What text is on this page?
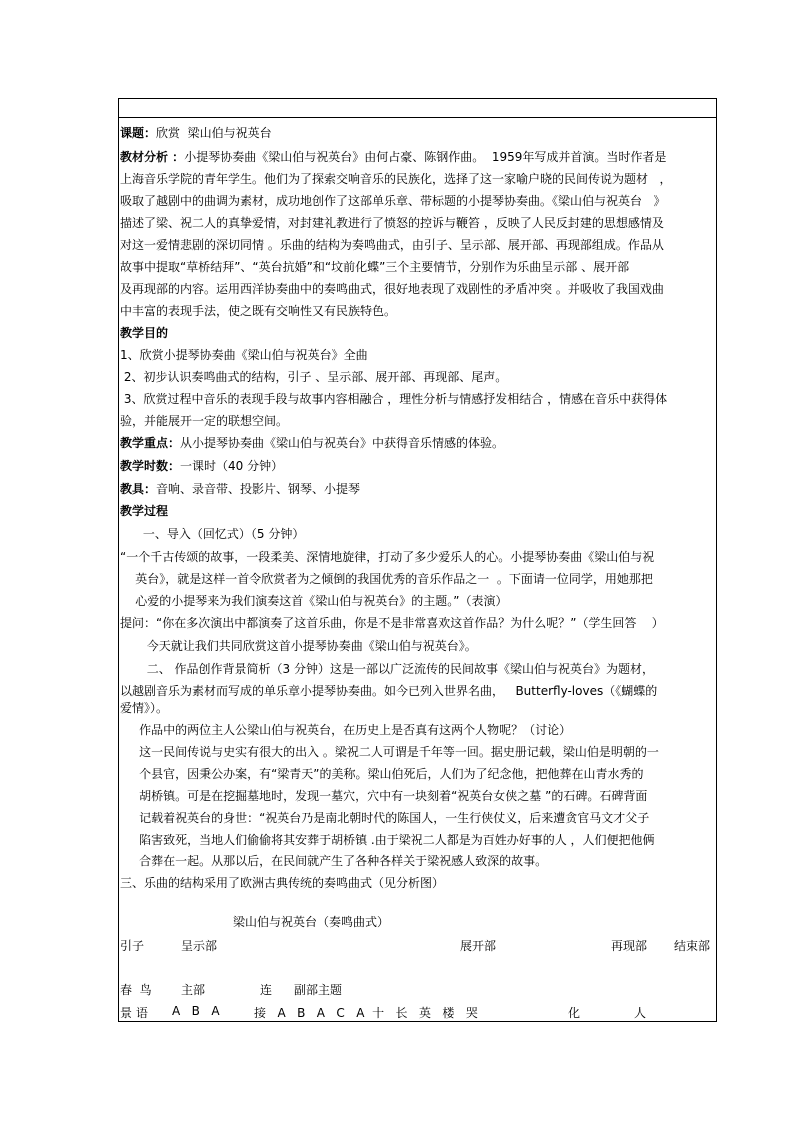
课题：欣赏  梁山伯与祝英台
教材分析 ：小提琴协奏曲《梁山伯与祝英台》由何占豪、陈钢作曲。  1959年写成并首演。当时作者是
上海音乐学院的青年学生。他们为了探索交响音乐的民族化，选择了这一家喻户晓的民间传说为题材   ，
吸取了越剧中的曲调为素材，成功地创作了这部单乐章、带标题的小提琴协奏曲。《梁山伯与祝英台   》
描述了梁、祝二人的真挚爱情，对封建礼教进行了愤怒的控诉与鞭笞 ，反映了人民反封建的思想感情及
对这一爱情悲剧的深切同情 。乐曲的结构为奏鸣曲式，由引子、呈示部、展开部、再现部组成。作品从
故事中提取“草桥结拜”、“英台抗婚”和“坟前化蝶”三个主要情节，分别作为乐曲呈示部 、展开部
及再现部的内容。运用西洋协奏曲中的奏鸣曲式，很好地表现了戏剧性的矛盾冲突 。并吸收了我国戏曲
中丰富的表现手法，使之既有交响性又有民族特色。
教学目的
1、欣赏小提琴协奏曲《梁山伯与祝英台》全曲
2、初步认识奏鸣曲式的结构，引子 、呈示部、展开部、再现部、尾声。
3、欣赏过程中音乐的表现手段与故事内容相融合 ，理性分析与情感抒发相结合 ，情感在音乐中获得体
验，并能展开一定的联想空间。
教学重点：从小提琴协奏曲《梁山伯与祝英台》中获得音乐情感的体验。
教学时数：一课时（40 分钟）
教具：音响、录音带、投影片、钢琴、小提琴
教学过程
一、导入（回忆式）（5 分钟）
“一个千古传颂的故事，一段柔美、深情地旋律，打动了多少爱乐人的心。小提琴协奏曲《梁山伯与祝
英台》，就是这样一首令欣赏者为之倾倒的我国优秀的音乐作品之一  。下面请一位同学，用她那把
心爱的小提琴来为我们演奏这首《梁山伯与祝英台》的主题。”（表演）
提问：“你在多次演出中都演奏了这首乐曲，你是不是非常喜欢这首作品？为什么呢？”（学生回答    ）
今天就让我们共同欣赏这首小提琴协奏曲《梁山伯与祝英台》。
二、 作品创作背景简析（3 分钟）这是一部以广泛流传的民间故事《梁山伯与祝英台》为题材，
以越剧音乐为素材而写成的单乐章小提琴协奏曲。如今已列入世界名曲，   Butterfly-loves（《蝴蝶的
爱情》）。
作品中的两位主人公梁山伯与祝英台，在历史上是否真有这两个人物呢？（讨论）
这一民间传说与史实有很大的出入 。梁祝二人可谓是千年等一回。据史册记载，梁山伯是明朝的一
个县官，因秉公办案，有“梁青天”的美称。梁山伯死后，人们为了纪念他，把他葬在山青水秀的
胡桥镇。可是在挖掘墓地时，发现一墓穴，穴中有一块刻着“祝英台女侠之墓 ”的石碑。石碑背面
记载着祝英台的身世：“祝英台乃是南北朝时代的陈国人，一生行侠仗义，后来遭贪官马文才父子
陷害致死，当地人们偷偷将其安葬于胡桥镇 .由于梁祝二人都是为百姓办好事的人 ，人们便把他俩
合葬在一起。从那以后，在民间就产生了各种各样关于梁祝感人致深的故事。
三、乐曲的结构采用了欧洲古典传统的奏鸣曲式（见分析图）
梁山伯与祝英台（奏鸣曲式）
引子	呈示部	展开部	再现部 结束部
春  鸟 主部	连 副部主题
景 语 A   B   A	接   A   B   A   C   A  十   长   英   楼   哭	化	人
